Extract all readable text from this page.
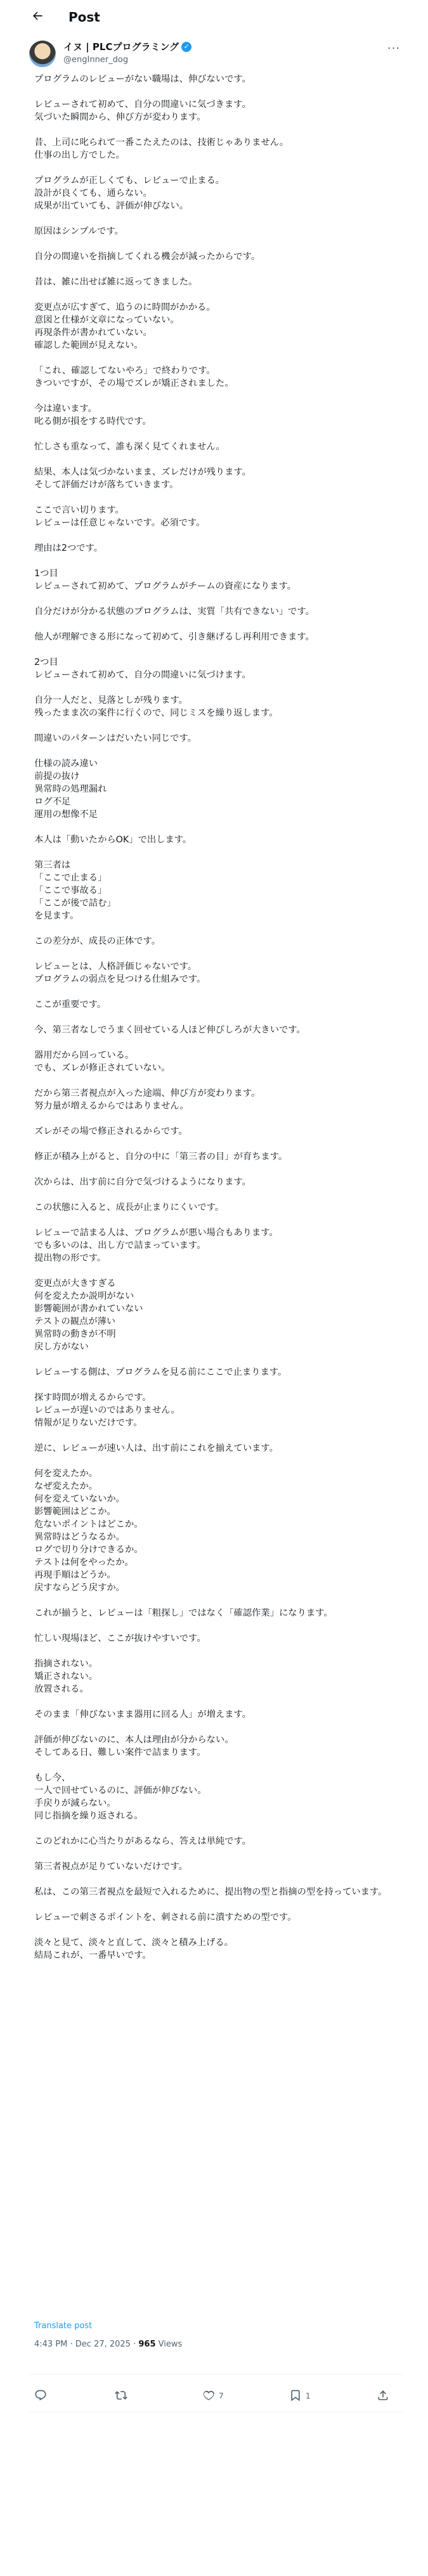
Post
イヌ | PLCプログラミング ✓
@engInner_dog
···
プログラムのレビューがない職場は、伸びないです。
レビューされて初めて、自分の間違いに気づきます。
気づいた瞬間から、伸び方が変わります。
昔、上司に叱られて一番こたえたのは、技術じゃありません。
仕事の出し方でした。
プログラムが正しくても、レビューで止まる。
設計が良くても、通らない。
成果が出ていても、評価が伸びない。
原因はシンプルです。
自分の間違いを指摘してくれる機会が減ったからです。
昔は、雑に出せば雑に返ってきました。
変更点が広すぎて、追うのに時間がかかる。
意図と仕様が文章になっていない。
再現条件が書かれていない。
確認した範囲が見えない。
「これ、確認してないやろ」で終わりです。
きついですが、その場でズレが矯正されました。
今は違います。
叱る側が損をする時代です。
忙しさも重なって、誰も深く見てくれません。
結果、本人は気づかないまま、ズレだけが残ります。
そして評価だけが落ちていきます。
ここで言い切ります。
レビューは任意じゃないです。必須です。
理由は2つです。
1つ目
レビューされて初めて、プログラムがチームの資産になります。
自分だけが分かる状態のプログラムは、実質「共有できない」です。
他人が理解できる形になって初めて、引き継げるし再利用できます。
2つ目
レビューされて初めて、自分の間違いに気づけます。
自分一人だと、見落としが残ります。
残ったまま次の案件に行くので、同じミスを繰り返します。
間違いのパターンはだいたい同じです。
仕様の読み違い
前提の抜け
異常時の処理漏れ
ログ不足
運用の想像不足
本人は「動いたからOK」で出します。
第三者は
「ここで止まる」
「ここで事故る」
「ここが後で詰む」
を見ます。
この差分が、成長の正体です。
レビューとは、人格評価じゃないです。
プログラムの弱点を見つける仕組みです。
ここが重要です。
今、第三者なしでうまく回せている人ほど伸びしろが大きいです。
器用だから回っている。
でも、ズレが修正されていない。
だから第三者視点が入った途端、伸び方が変わります。
努力量が増えるからではありません。
ズレがその場で修正されるからです。
修正が積み上がると、自分の中に「第三者の目」が育ちます。
次からは、出す前に自分で気づけるようになります。
この状態に入ると、成長が止まりにくいです。
レビューで詰まる人は、プログラムが悪い場合もあります。
でも多いのは、出し方で詰まっています。
提出物の形です。
変更点が大きすぎる
何を変えたか説明がない
影響範囲が書かれていない
テストの観点が薄い
異常時の動きが不明
戻し方がない
レビューする側は、プログラムを見る前にここで止まります。
探す時間が増えるからです。
レビューが遅いのではありません。
情報が足りないだけです。
逆に、レビューが速い人は、出す前にこれを揃えています。
何を変えたか。
なぜ変えたか。
何を変えていないか。
影響範囲はどこか。
危ないポイントはどこか。
異常時はどうなるか。
ログで切り分けできるか。
テストは何をやったか。
再現手順はどうか。
戻すならどう戻すか。
これが揃うと、レビューは「粗探し」ではなく「確認作業」になります。
忙しい現場ほど、ここが抜けやすいです。
指摘されない。
矯正されない。
放置される。
そのまま「伸びないまま器用に回る人」が増えます。
評価が伸びないのに、本人は理由が分からない。
そしてある日、難しい案件で詰まります。
もし今、
一人で回せているのに、評価が伸びない。
手戻りが減らない。
同じ指摘を繰り返される。
このどれかに心当たりがあるなら、答えは単純です。
第三者視点が足りていないだけです。
私は、この第三者視点を最短で入れるために、提出物の型と指摘の型を持っています。
レビューで刺さるポイントを、刺される前に潰すための型です。
淡々と見て、淡々と直して、淡々と積み上げる。
結局これが、一番早いです。
Translate post
4:43 PM · Dec 27, 2025 · 965 Views
7	1
